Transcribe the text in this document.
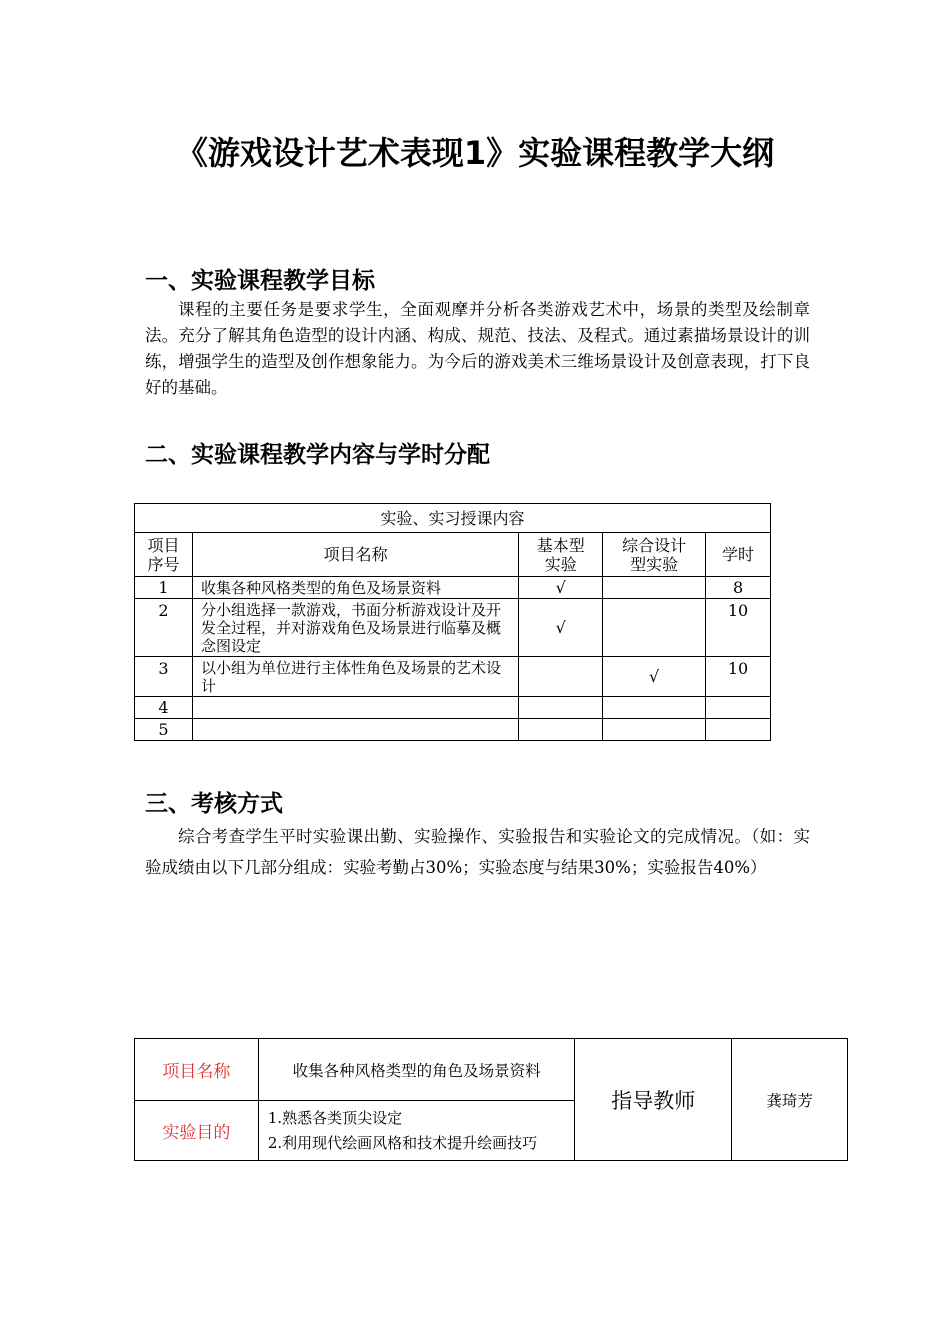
《游戏设计艺术表现1》实验课程教学大纲
一、实验课程教学目标
课程的主要任务是要求学生，全面观摩并分析各类游戏艺术中，场景的类型及绘制章法。充分了解其角色造型的设计内涵、构成、规范、技法、及程式。通过素描场景设计的训练，增强学生的造型及创作想象能力。为今后的游戏美术三维场景设计及创意表现，打下良好的基础。
二、实验课程教学内容与学时分配
实验、实习授课内容				
项目序号	项目名称	基本型实验	综合设计型实验	学时
1	收集各种风格类型的角色及场景资料	√		8
2	分小组选择一款游戏，书面分析游戏设计及开发全过程，并对游戏角色及场景进行临摹及概念图设定	√		10
3	以小组为单位进行主体性角色及场景的艺术设计		√	10
4				
5				
三、考核方式
综合考查学生平时实验课出勤、实验操作、实验报告和实验论文的完成情况。（如：实验成绩由以下几部分组成：实验考勤占30%；实验态度与结果30%；实验报告40%）
项目名称	收集各种风格类型的角色及场景资料	指导教师	龚琦芳
实验目的	1.熟悉各类顶尖设定
2.利用现代绘画风格和技术提升绘画技巧		
